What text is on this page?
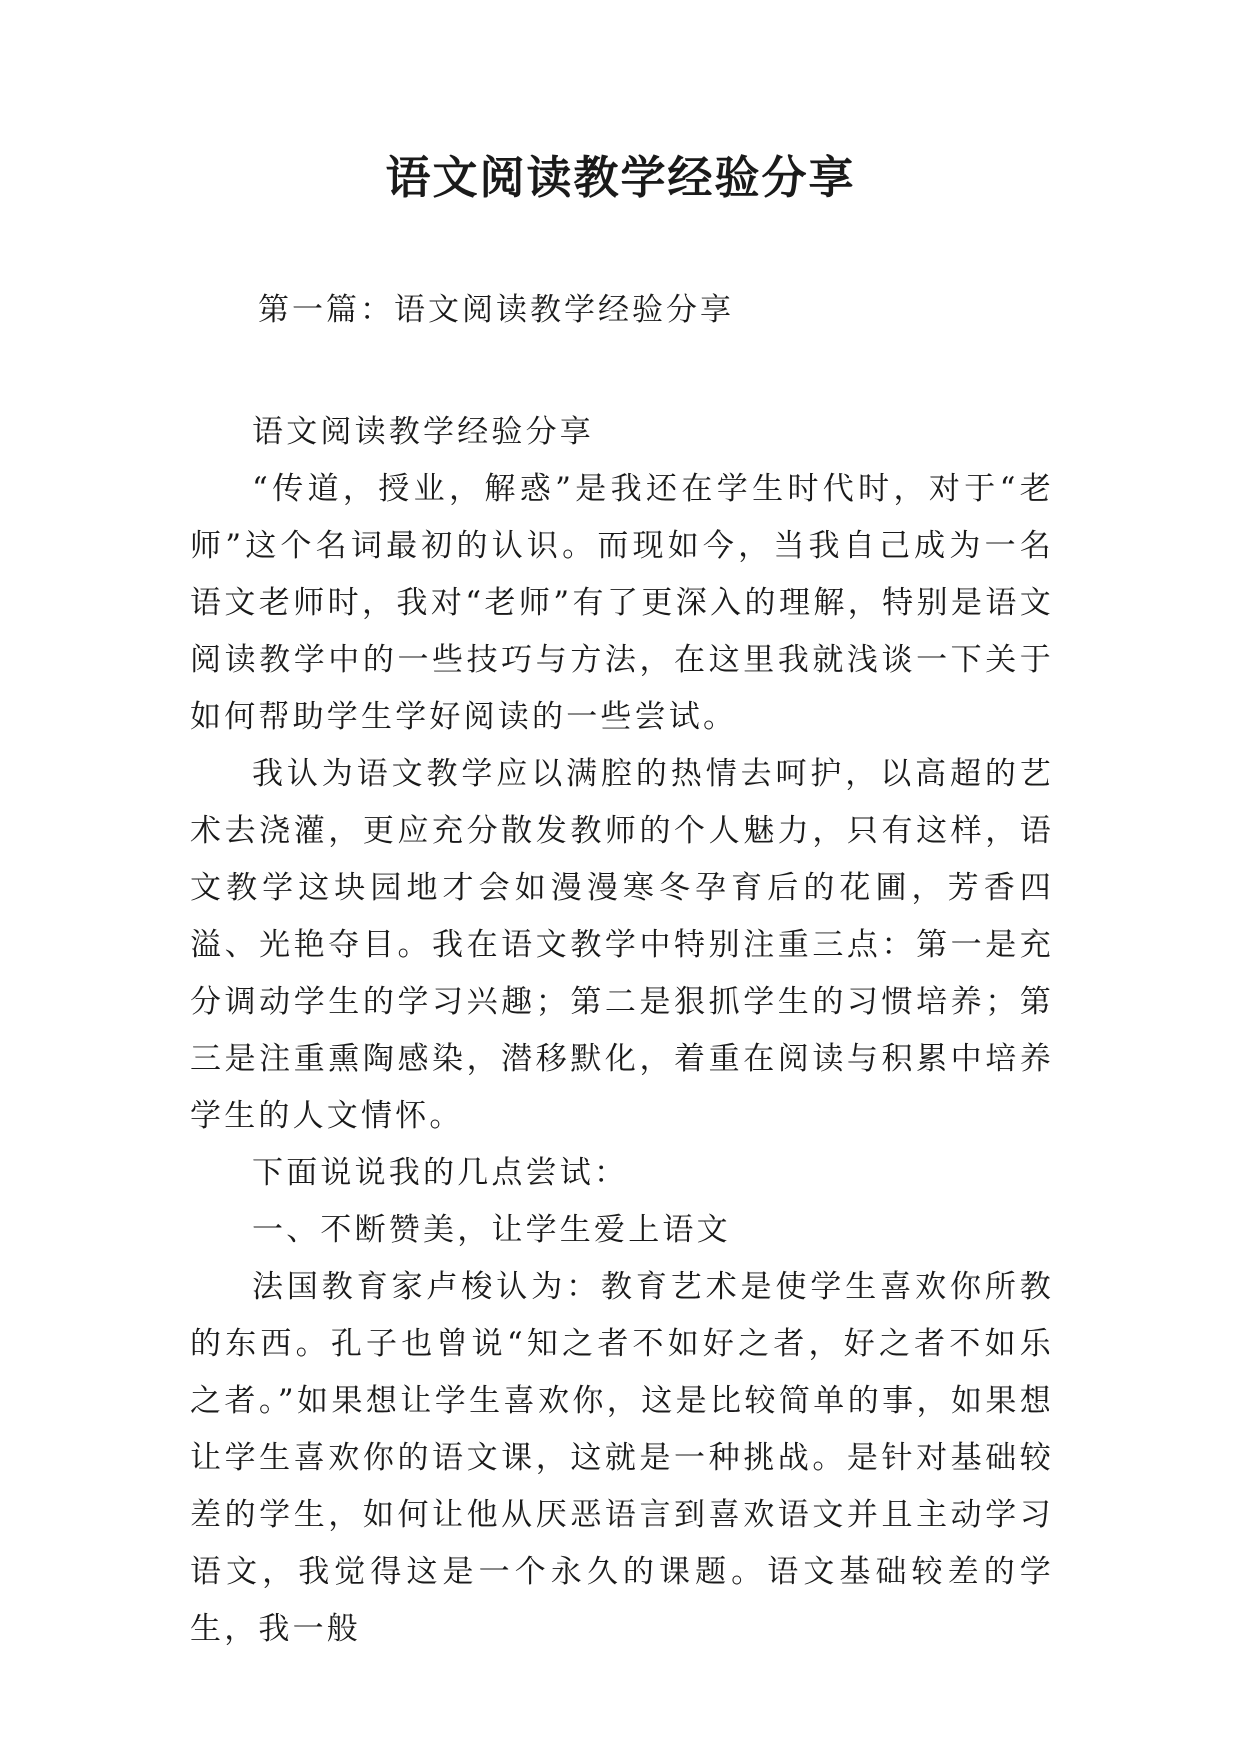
语文阅读教学经验分享
第一篇：语文阅读教学经验分享

语文阅读教学经验分享

“传道，授业，解惑”是我还在学生时代时，对于“老师”这个名词最初的认识。而现如今，当我自己成为一名语文老师时，我对“老师”有了更深入的理解，特别是语文阅读教学中的一些技巧与方法，在这里我就浅谈一下关于如何帮助学生学好阅读的一些尝试。

我认为语文教学应以满腔的热情去呵护，以高超的艺术去浇灌，更应充分散发教师的个人魅力，只有这样，语文教学这块园地才会如漫漫寒冬孕育后的花圃，芳香四溢、光艳夺目。我在语文教学中特别注重三点：第一是充分调动学生的学习兴趣；第二是狠抓学生的习惯培养；第三是注重熏陶感染，潜移默化，着重在阅读与积累中培养学生的人文情怀。

下面说说我的几点尝试：

一、不断赞美，让学生爱上语文

法国教育家卢梭认为：教育艺术是使学生喜欢你所教的东西。孔子也曾说“知之者不如好之者，好之者不如乐之者。”如果想让学生喜欢你，这是比较简单的事，如果想让学生喜欢你的语文课，这就是一种挑战。是针对基础较差的学生，如何让他从厌恶语言到喜欢语文并且主动学习语文，我觉得这是一个永久的课题。语文基础较差的学生，我一般
